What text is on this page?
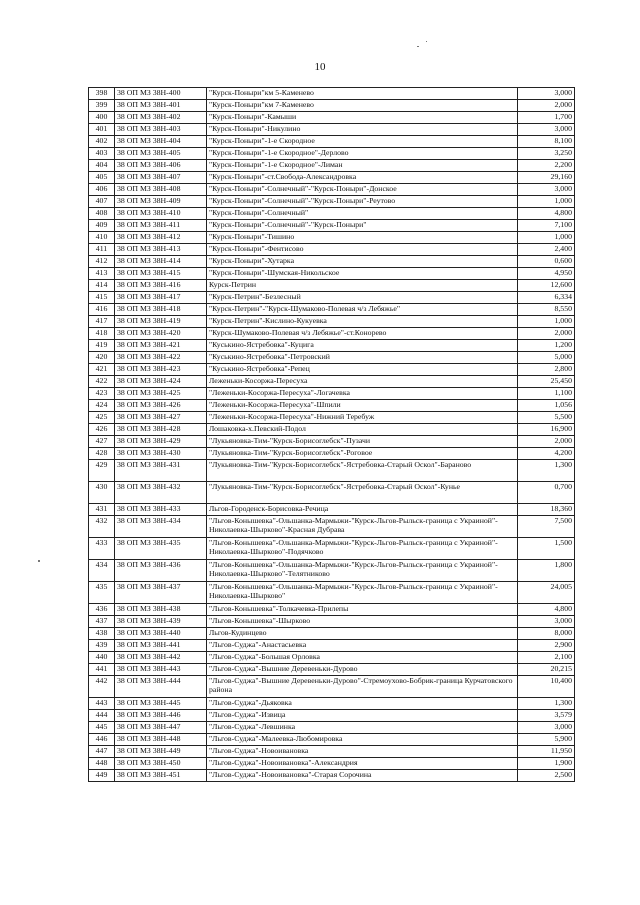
10
398	38 ОП МЗ 38Н-400	"Курск-Поныри"км 5-Каменево	3,000
399	38 ОП МЗ 38Н-401	"Курск-Поныри"км 7-Каменево	2,000
400	38 ОП МЗ 38Н-402	"Курск-Поныри"-Камыши	1,700
401	38 ОП МЗ 38Н-403	"Курск-Поныри"-Никулино	3,000
402	38 ОП МЗ 38Н-404	"Курск-Поныри"-1-е Скородное	8,100
403	38 ОП МЗ 38Н-405	"Курск-Поныри"-1-е Скородное"-Дерлово	3,250
404	38 ОП МЗ 38Н-406	"Курск-Поныри"-1-е Скородное"-Лиман	2,200
405	38 ОП МЗ 38Н-407	"Курск-Поныри"-ст.Свобода-Александровка	29,160
406	38 ОП МЗ 38Н-408	"Курск-Поныри"-Солнечный"-"Курск-Поныри"-Донское	3,000
407	38 ОП МЗ 38Н-409	"Курск-Поныри"-Солнечный"-"Курск-Поныри"-Реутово	1,000
408	38 ОП МЗ 38Н-410	"Курск-Поныри"-Солнечный"	4,800
409	38 ОП МЗ 38Н-411	"Курск-Поныри"-Солнечный"-"Курск-Поныри"	7,100
410	38 ОП МЗ 38Н-412	"Курск-Поныри"-Тишино	1,000
411	38 ОП МЗ 38Н-413	"Курск-Поныри"-Фентисово	2,400
412	38 ОП МЗ 38Н-414	"Курск-Поныри"-Хутарка	0,600
413	38 ОП МЗ 38Н-415	"Курск-Поныри"-Шумская-Никольское	4,950
414	38 ОП МЗ 38Н-416	Курск-Петрин	12,600
415	38 ОП МЗ 38Н-417	"Курск-Петрин"-Безлесный	6,334
416	38 ОП МЗ 38Н-418	"Курск-Петрин"-"Курск-Шумаково-Полевая ч/з Лебяжье"	8,550
417	38 ОП МЗ 38Н-419	"Курск-Петрин"-Кислино-Кукуевка	1,000
418	38 ОП МЗ 38Н-420	"Курск-Шумаково-Полевая ч/з Лебяжье"-ст.Конорево	2,000
419	38 ОП МЗ 38Н-421	"Куськино-Ястребовка"-Куцига	1,200
420	38 ОП МЗ 38Н-422	"Куськино-Ястребовка"-Петровский	5,000
421	38 ОП МЗ 38Н-423	"Куськино-Ястребовка"-Репец	2,800
422	38 ОП МЗ 38Н-424	Леженьки-Косоржа-Пересуха	25,450
423	38 ОП МЗ 38Н-425	"Леженьки-Косоржа-Пересуха"-Логачевка	1,100
424	38 ОП МЗ 38Н-426	"Леженьки-Косоржа-Пересуха"-Шпили	1,056
425	38 ОП МЗ 38Н-427	"Леженьки-Косоржа-Пересуха"-Нижний Теребуж	5,500
426	38 ОП МЗ 38Н-428	Лошаковка-х.Певский-Подол	16,900
427	38 ОП МЗ 38Н-429	"Лукьяновка-Тим-"Курск-Борисоглебск"-Пузачи	2,000
428	38 ОП МЗ 38Н-430	"Лукьяновка-Тим-"Курск-Борисоглебск"-Роговое	4,200
429	38 ОП МЗ 38Н-431	"Лукьяновка-Тим-"Курск-Борисоглебск"-Ястребовка-Старый Оскол"-Бараново	1,300
430	38 ОП МЗ 38Н-432	"Лукьяновка-Тим-"Курск-Борисоглебск"-Ястребовка-Старый Оскол"-Кунье	0,700
431	38 ОП МЗ 38Н-433	Льгов-Городенск-Борисовка-Речица	18,360
432	38 ОП МЗ 38Н-434	"Льгов-Конышевка"-Ольшанка-Мармыжи-"Курск-Льгов-Рыльск-граница с Украиной"-Николаевка-Шырково"-Красная Дубрава	7,500
433	38 ОП МЗ 38Н-435	"Льгов-Конышевка"-Ольшанка-Мармыжи-"Курск-Льгов-Рыльск-граница с Украиной"-Николаевка-Шырково"-Подячково	1,500
434	38 ОП МЗ 38Н-436	"Льгов-Конышевка"-Ольшанка-Мармыжи-"Курск-Льгов-Рыльск-граница с Украиной"-Николаевка-Шырково"-Телятниково	1,800
435	38 ОП МЗ 38Н-437	"Льгов-Конышевка"-Ольшанка-Мармыжи-"Курск-Льгов-Рыльск-граница с Украиной"-Николаевка-Шырково"	24,005
436	38 ОП МЗ 38Н-438	"Льгов-Конышевка"-Толкачевка-Прилепы	4,800
437	38 ОП МЗ 38Н-439	"Льгов-Конышевка"-Шырково	3,000
438	38 ОП МЗ 38Н-440	Льгов-Кудинцево	8,000
439	38 ОП МЗ 38Н-441	"Льгов-Суджа"-Анастасьевка	2,900
440	38 ОП МЗ 38Н-442	"Льгов-Суджа"-Большая Орловка	2,100
441	38 ОП МЗ 38Н-443	"Льгов-Суджа"-Вышние Деревеньки-Дурово	20,215
442	38 ОП МЗ 38Н-444	"Льгов-Суджа"-Вышние Деревеньки-Дурово"-Стремоухово-Бобрик-граница Курчатовского района	10,400
443	38 ОП МЗ 38Н-445	"Льгов-Суджа"-Дьяковка	1,300
444	38 ОП МЗ 38Н-446	"Льгов-Суджа"-Извица	3,579
445	38 ОП МЗ 38Н-447	"Льгов-Суджа"-Левшинка	3,000
446	38 ОП МЗ 38Н-448	"Льгов-Суджа"-Малеевка-Любомировка	5,900
447	38 ОП МЗ 38Н-449	"Льгов-Суджа"-Новоивановка	11,950
448	38 ОП МЗ 38Н-450	"Льгов-Суджа"-Новоивановка"-Александрия	1,900
449	38 ОП МЗ 38Н-451	"Льгов-Суджа"-Новоивановка"-Старая Сорочина	2,500
